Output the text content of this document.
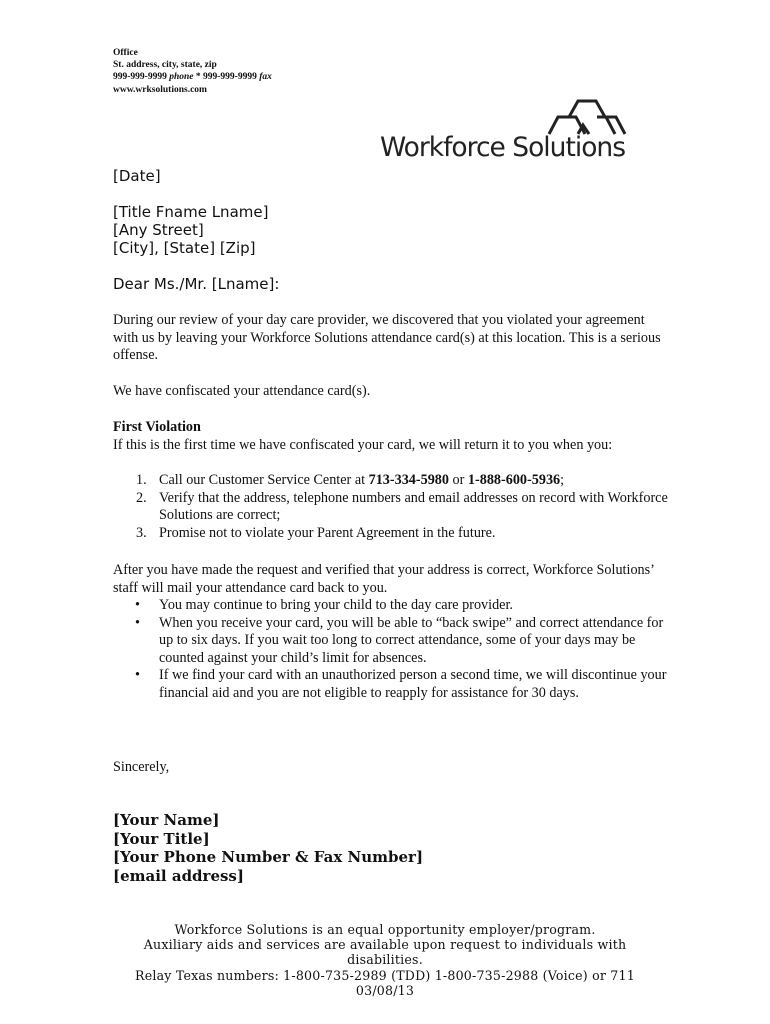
Office
St. address, city, state, zip
999-999-9999 phone * 999-999-9999 fax
www.wrksolutions.com
Workforce Solutions
[Date]
[Title Fname Lname]
[Any Street]
[City], [State] [Zip]
Dear Ms./Mr. [Lname]:
During our review of your day care provider, we discovered that you violated your agreement with us by leaving your Workforce Solutions attendance card(s) at this location. This is a serious offense.
We have confiscated your attendance card(s).
First Violation
If this is the first time we have confiscated your card, we will return it to you when you:
1. Call our Customer Service Center at 713-334-5980 or 1-888-600-5936;
2. Verify that the address, telephone numbers and email addresses on record with Workforce Solutions are correct;
3. Promise not to violate your Parent Agreement in the future.
After you have made the request and verified that your address is correct, Workforce Solutions’ staff will mail your attendance card back to you.
• You may continue to bring your child to the day care provider.
• When you receive your card, you will be able to “back swipe” and correct attendance for up to six days. If you wait too long to correct attendance, some of your days may be counted against your child’s limit for absences.
• If we find your card with an unauthorized person a second time, we will discontinue your financial aid and you are not eligible to reapply for assistance for 30 days.
Sincerely,
[Your Name]
[Your Title]
[Your Phone Number & Fax Number]
[email address]
Workforce Solutions is an equal opportunity employer/program.
Auxiliary aids and services are available upon request to individuals with disabilities.
Relay Texas numbers: 1-800-735-2989 (TDD) 1-800-735-2988 (Voice) or 711
03/08/13
